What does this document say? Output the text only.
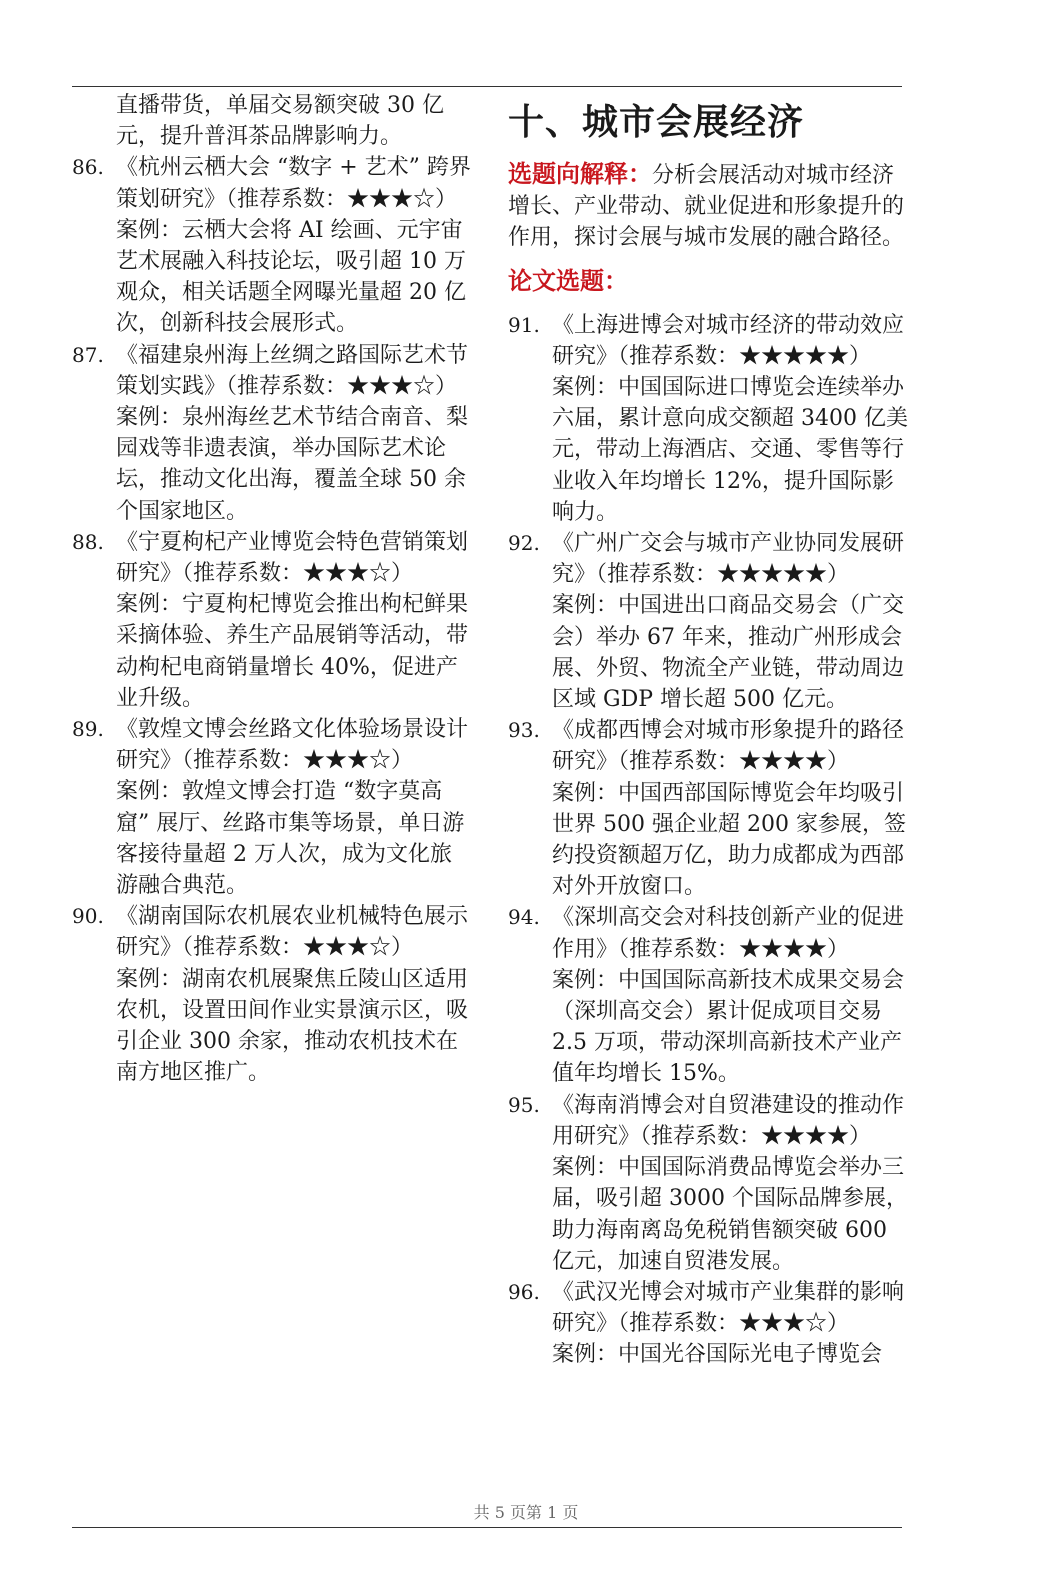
直播带货，单届交易额突破 30 亿元，提升普洱茶品牌影响力。

86. 《杭州云栖大会 “数字 + 艺术” 跨界策划研究》（推荐系数：★★★☆）

案例：云栖大会将 AI 绘画、元宇宙艺术展融入科技论坛，吸引超 10 万观众，相关话题全网曝光量超 20 亿次，创新科技会展形式。

87. 《福建泉州海上丝绸之路国际艺术节策划实践》（推荐系数：★★★☆）

案例：泉州海丝艺术节结合南音、梨园戏等非遗表演，举办国际艺术论坛，推动文化出海，覆盖全球 50 余个国家地区。

88. 《宁夏枸杞产业博览会特色营销策划研究》（推荐系数：★★★☆）

案例：宁夏枸杞博览会推出枸杞鲜果采摘体验、养生产品展销等活动，带动枸杞电商销量增长 40%，促进产业升级。

89. 《敦煌文博会丝路文化体验场景设计研究》（推荐系数：★★★☆）

案例：敦煌文博会打造 “数字莫高窟” 展厅、丝路市集等场景，单日游客接待量超 2 万人次，成为文化旅游融合典范。

90. 《湖南国际农机展农业机械特色展示研究》（推荐系数：★★★☆）

案例：湖南农机展聚焦丘陵山区适用农机，设置田间作业实景演示区，吸引企业 300 余家，推动农机技术在南方地区推广。

十、城市会展经济

选题向解释：分析会展活动对城市经济增长、产业带动、就业促进和形象提升的作用，探讨会展与城市发展的融合路径。

论文选题：
91. 《上海进博会对城市经济的带动效应研究》（推荐系数：★★★★★）

案例：中国国际进口博览会连续举办六届，累计意向成交额超 3400 亿美元，带动上海酒店、交通、零售等行业收入年均增长 12%，提升国际影响力。

92. 《广州广交会与城市产业协同发展研究》（推荐系数：★★★★★）

案例：中国进出口商品交易会（广交会）举办 67 年来，推动广州形成会展、外贸、物流全产业链，带动周边区域 GDP 增长超 500 亿元。

93. 《成都西博会对城市形象提升的路径研究》（推荐系数：★★★★）

案例：中国西部国际博览会年均吸引世界 500 强企业超 200 家参展，签约投资额超万亿，助力成都成为西部对外开放窗口。

94. 《深圳高交会对科技创新产业的促进作用》（推荐系数：★★★★）

案例：中国国际高新技术成果交易会（深圳高交会）累计促成项目交易 2.5 万项，带动深圳高新技术产业产值年均增长 15%。

95. 《海南消博会对自贸港建设的推动作用研究》（推荐系数：★★★★）

案例：中国国际消费品博览会举办三届，吸引超 3000 个国际品牌参展，助力海南离岛免税销售额突破 600 亿元，加速自贸港发展。

96. 《武汉光博会对城市产业集群的影响研究》（推荐系数：★★★☆）

案例：中国光谷国际光电子博览会

共 5 页第 1 页
